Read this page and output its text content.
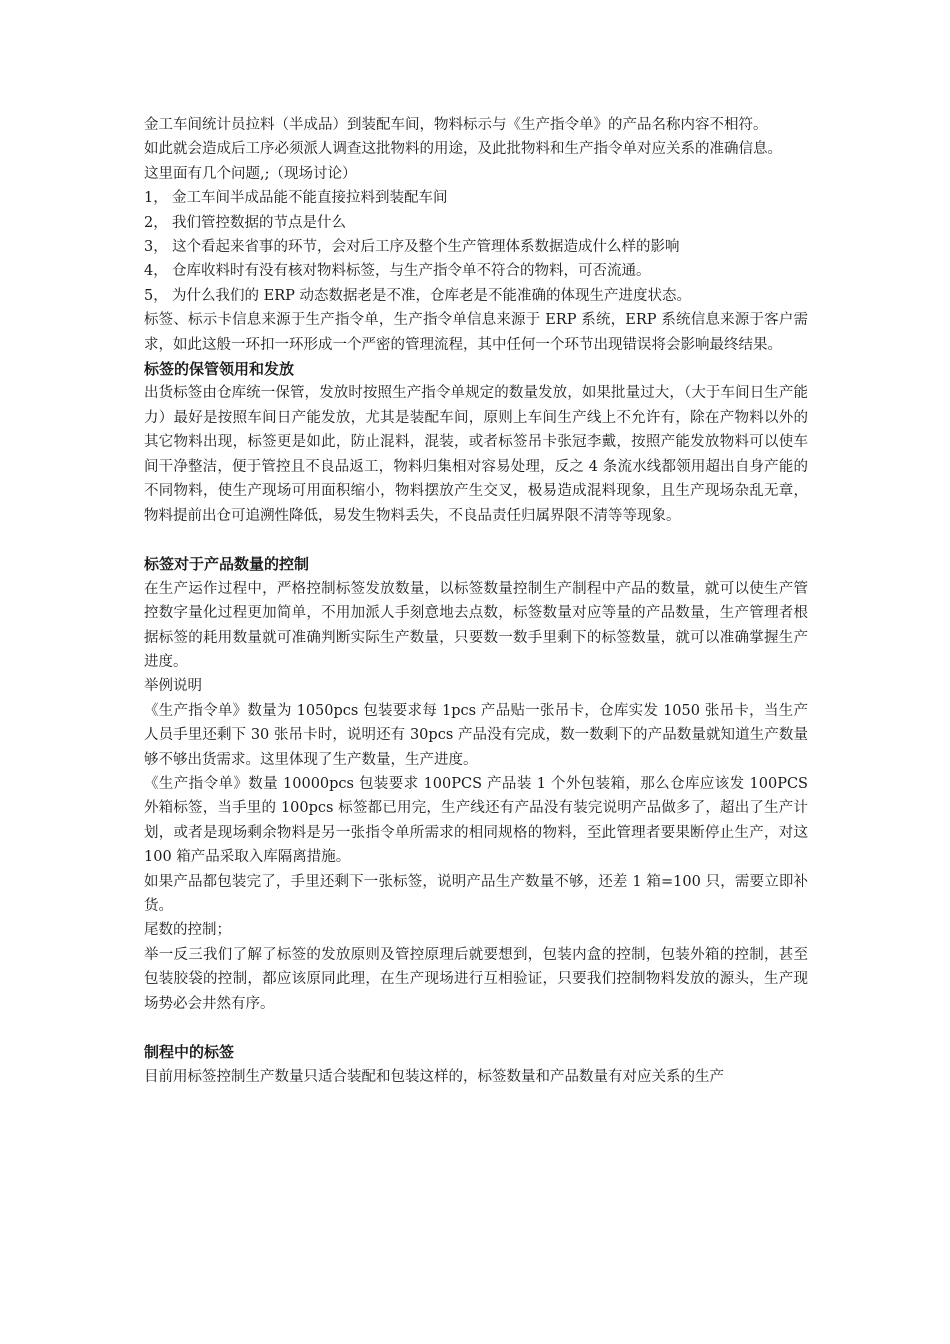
金工车间统计员拉料（半成品）到装配车间，物料标示与《生产指令单》的产品名称内容不相符。

如此就会造成后工序必须派人调查这批物料的用途，及此批物料和生产指令单对应关系的准确信息。

这里面有几个问题,;（现场讨论）

1， 金工车间半成品能不能直接拉料到装配车间
2， 我们管控数据的节点是什么
3， 这个看起来省事的环节，会对后工序及整个生产管理体系数据造成什么样的影响
4， 仓库收料时有没有核对物料标签，与生产指令单不符合的物料，可否流通。
5， 为什么我们的 ERP 动态数据老是不准，仓库老是不能准确的体现生产进度状态。

标签、标示卡信息来源于生产指令单，生产指令单信息来源于 ERP 系统，ERP 系统信息来源于客户需求，如此这般一环扣一环形成一个严密的管理流程，其中任何一个环节出现错误将会影响最终结果。

标签的保管领用和发放

出货标签由仓库统一保管，发放时按照生产指令单规定的数量发放，如果批量过大，（大于车间日生产能力）最好是按照车间日产能发放，尤其是装配车间，原则上车间生产线上不允许有，除在产物料以外的其它物料出现，标签更是如此，防止混料，混装，或者标签吊卡张冠李戴，按照产能发放物料可以使车间干净整洁，便于管控且不良品返工，物料归集相对容易处理，反之 4 条流水线都领用超出自身产能的不同物料，使生产现场可用面积缩小，物料摆放产生交叉，极易造成混料现象，且生产现场杂乱无章，物料提前出仓可追溯性降低，易发生物料丢失，不良品责任归属界限不清等等现象。

标签对于产品数量的控制

在生产运作过程中，严格控制标签发放数量，以标签数量控制生产制程中产品的数量，就可以使生产管控数字量化过程更加简单，不用加派人手刻意地去点数，标签数量对应等量的产品数量，生产管理者根据标签的耗用数量就可准确判断实际生产数量，只要数一数手里剩下的标签数量，就可以准确掌握生产进度。

举例说明

《生产指令单》数量为 1050pcs 包装要求每 1pcs 产品贴一张吊卡，仓库实发 1050 张吊卡，当生产人员手里还剩下 30 张吊卡时，说明还有 30pcs 产品没有完成，数一数剩下的产品数量就知道生产数量够不够出货需求。这里体现了生产数量，生产进度。

《生产指令单》数量 10000pcs 包装要求 100PCS 产品装 1 个外包装箱，那么仓库应该发 100PCS 外箱标签，当手里的 100pcs 标签都已用完，生产线还有产品没有装完说明产品做多了，超出了生产计划，或者是现场剩余物料是另一张指令单所需求的相同规格的物料，至此管理者要果断停止生产，对这 100 箱产品采取入库隔离措施。

如果产品都包装完了，手里还剩下一张标签，说明产品生产数量不够，还差 1 箱=100 只，需要立即补货。

尾数的控制；

举一反三我们了解了标签的发放原则及管控原理后就要想到，包装内盒的控制，包装外箱的控制，甚至包装胶袋的控制，都应该原同此理，在生产现场进行互相验证，只要我们控制物料发放的源头，生产现场势必会井然有序。

制程中的标签

目前用标签控制生产数量只适合装配和包装这样的，标签数量和产品数量有对应关系的生产
